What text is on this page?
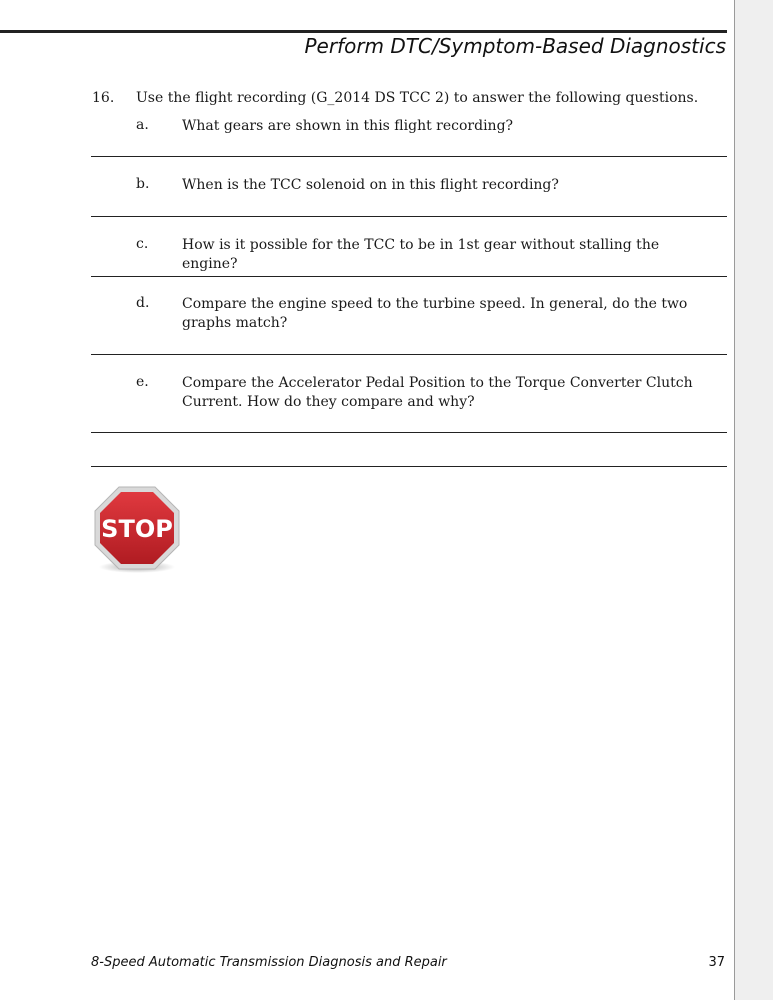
Perform DTC/Symptom-Based Diagnostics
16. Use the flight recording (G_2014 DS TCC 2) to answer the following questions.
a. What gears are shown in this flight recording?
b. When is the TCC solenoid on in this flight recording?
c. How is it possible for the TCC to be in 1st gear without stalling the engine?
d. Compare the engine speed to the turbine speed. In general, do the two graphs match?
e. Compare the Accelerator Pedal Position to the Torque Converter Clutch Current. How do they compare and why?
STOP
8-Speed Automatic Transmission Diagnosis and Repair	37
